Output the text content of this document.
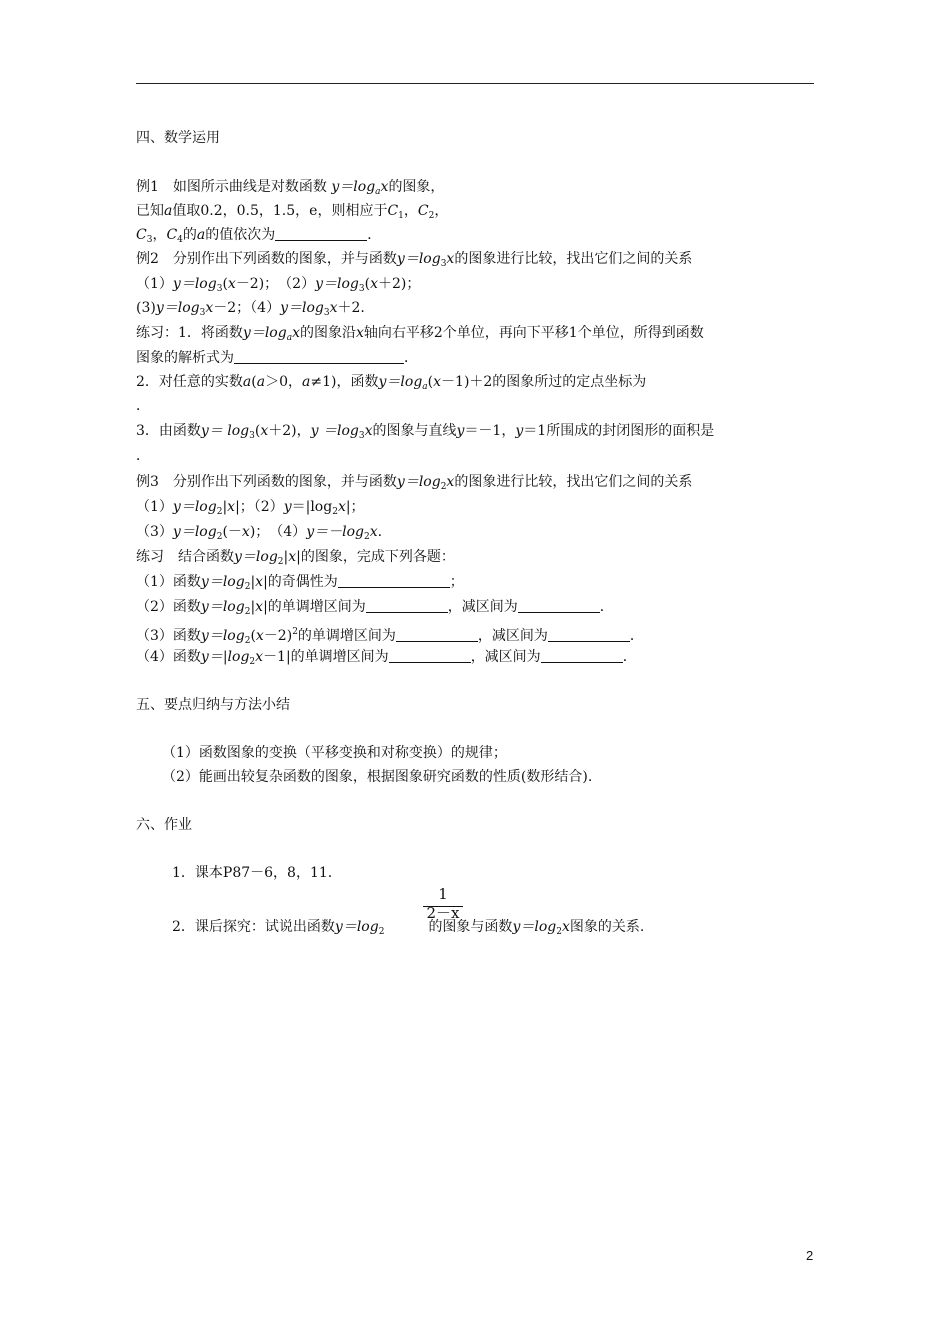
四、数学运用
例1　如图所示曲线是对数函数 $y=\log_ax$的图象，
已知a值取0.2，0.5，1.5，e，则相应于$C_1$，$C_2$，
$C_3$，$C_4$的a的值依次为	．
例2　分别作出下列函数的图象，并与函数$y=\log_3x$的图象进行比较，找出它们之间的关系
$(1)y=\log_3(x-2)$；　$(2)y=\log_3(x+2)$；
$(3)y=\log_3x-2$；$(4)y=\log_3x+2$.
练习：1．将函数$y=\log_ax$的图象沿x轴向右平移2个单位，再向下平移1个单位，所得到函数
图象的解析式为	．
2．对任意的实数a(a＞0，a≠1)，函数$y=\log_a(x-1)+2$的图象所过的定点坐标为
．
3．由函数$y= \log_3(x+2)$，$y =\log_3x$的图象与直线y＝－1，y＝1所围成的封闭图形的面积是
．
例3　分别作出下列函数的图象，并与函数$y=\log_2x$的图象进行比较，找出它们之间的关系
$(1)y=\log_2|x|$；$(2)y=|\log_2x|$；
$(3)y=\log_2(-x)$；　$(4)y=-\log_2x$.
练习　结合函数$y=\log_2|x|$的图象，完成下列各题：
（1）函数$y=\log_2|x|$的奇偶性为	；
（2）函数$y=\log_2|x|$的单调增区间为	，减区间为	．
（3）函数$y=\log_2(x-2)^2$的单调增区间为	，减区间为	．
（4）函数$y=|\log_2x-1|$的单调增区间为	，减区间为	．
五、要点归纳与方法小结
（1）函数图象的变换（平移变换和对称变换）的规律；
（2）能画出较复杂函数的图象，根据图象研究函数的性质(数形结合).
六、作业
1．课本P87－6，8，11.
1
2－x
2．课后探究：试说出函数$y=\log_2$	的图象与函数$y=\log_2x$图象的关系.
2
